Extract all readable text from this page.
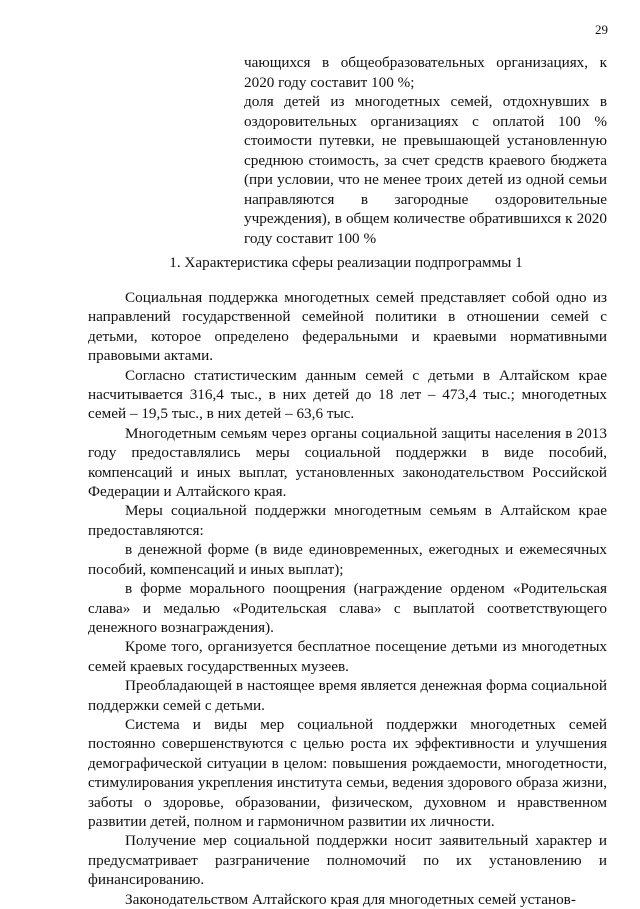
29

чающихся в общеобразовательных организациях, к 2020 году составит 100 %;

доля детей из многодетных семей, отдохнувших в оздоровительных организациях с оплатой 100 % стоимости путевки, не превышающей установленную среднюю стоимость, за счет средств краевого бюджета (при условии, что не менее троих детей из одной семьи направляются в загородные оздоровительные учреждения), в общем количестве обратившихся к 2020 году составит 100 %

1. Характеристика сферы реализации подпрограммы 1

Социальная поддержка многодетных семей представляет собой одно из направлений государственной семейной политики в отношении семей с детьми, которое определено федеральными и краевыми нормативными правовыми актами.

Согласно статистическим данным семей с детьми в Алтайском крае насчитывается 316,4 тыс., в них детей до 18 лет – 473,4 тыс.; многодетных семей – 19,5 тыс., в них детей – 63,6 тыс.

Многодетным семьям через органы социальной защиты населения в 2013 году предоставлялись меры социальной поддержки в виде пособий, компенсаций и иных выплат, установленных законодательством Российской Федерации и Алтайского края.

Меры социальной поддержки многодетным семьям в Алтайском крае предоставляются:

в денежной форме (в виде единовременных, ежегодных и ежемесячных пособий, компенсаций и иных выплат);

в форме морального поощрения (награждение орденом «Родительская слава» и медалью «Родительская слава» с выплатой соответствующего денежного вознаграждения).

Кроме того, организуется бесплатное посещение детьми из многодетных семей краевых государственных музеев.

Преобладающей в настоящее время является денежная форма социальной поддержки семей с детьми.

Система и виды мер социальной поддержки многодетных семей постоянно совершенствуются с целью роста их эффективности и улучшения демографической ситуации в целом: повышения рождаемости, многодетности, стимулирования укрепления института семьи, ведения здорового образа жизни, заботы о здоровье, образовании, физическом, духовном и нравственном развитии детей, полном и гармоничном развитии их личности.

Получение мер социальной поддержки носит заявительный характер и предусматривает разграничение полномочий по их установлению и финансированию.

Законодательством Алтайского края для многодетных семей установ-
